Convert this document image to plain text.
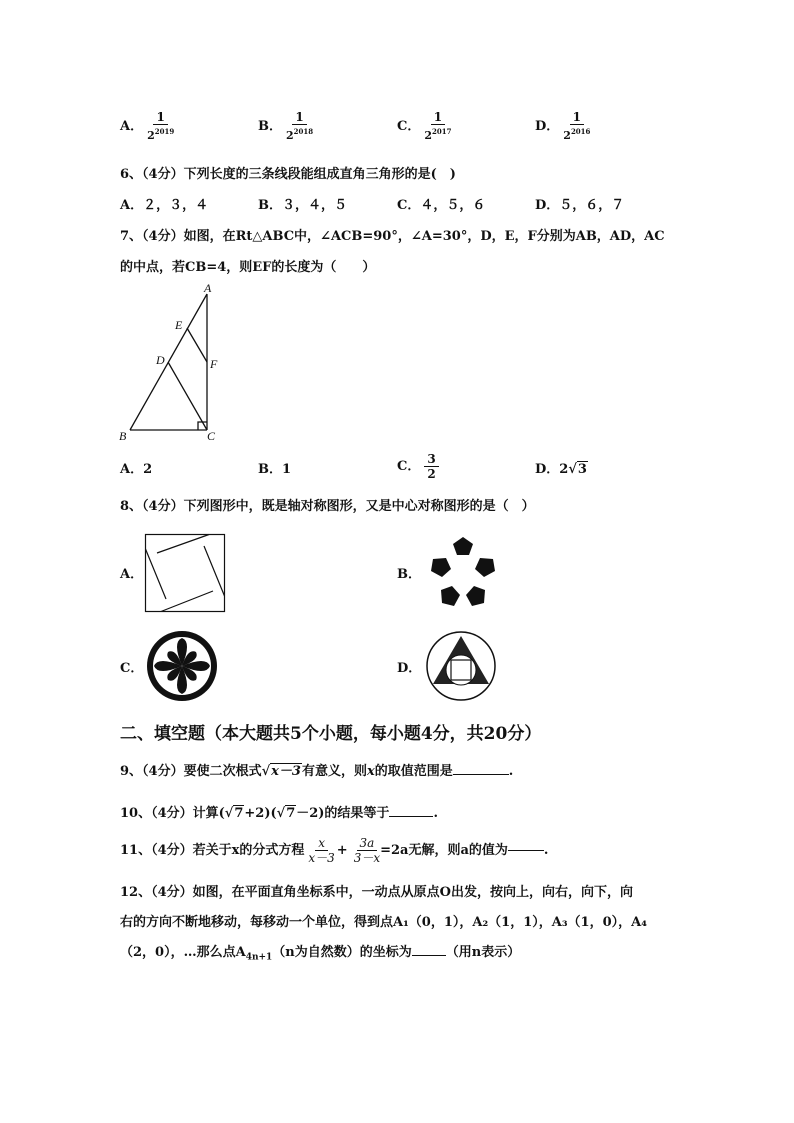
A． $\frac{1}{2^{2019}}$	B． $\frac{1}{2^{2018}}$	C． $\frac{1}{2^{2017}}$	D． $\frac{1}{2^{2016}}$
6、（4分）下列长度的三条线段能组成直角三角形的是(　)
A．２，３，４	B．３，４，５	C．４，５，６	D．５，６，７
7、（4分）如图，在Rt△ABC中，∠ACB=90°，∠A=30°，D，E，F分别为AB，AD，AC
的中点，若CB=4，则EF的长度为（　　）
A
E
D	F
B	C
A．2	B．1	C． $\frac{3}{2}$	D．2√3
8、（4分）下列图形中，既是轴对称图形，又是中心对称图形的是（　）
A．	B．
C．	D．
二、填空题（本大题共5个小题，每小题4分，共20分）
9、（4分）要使二次根式√x－3有意义，则x的取值范围是	.
10、（4分）计算(√7+2)(√7－2)的结果等于	.
11、（4分）若关于x的分式方程 $\frac{x}{x-3} + \frac{3a}{3-x} =2a$无解，则a的值为	.
12、（4分）如图，在平面直角坐标系中，一动点从原点O出发，按向上，向右，向下，向
右的方向不断地移动，每移动一个单位，得到点A₁（0，1），A₂（1，1），A₃（1，0），A₄
（2，0），…那么点$A_{4n+1}(n$为自然数）的坐标为	（用n表示）
